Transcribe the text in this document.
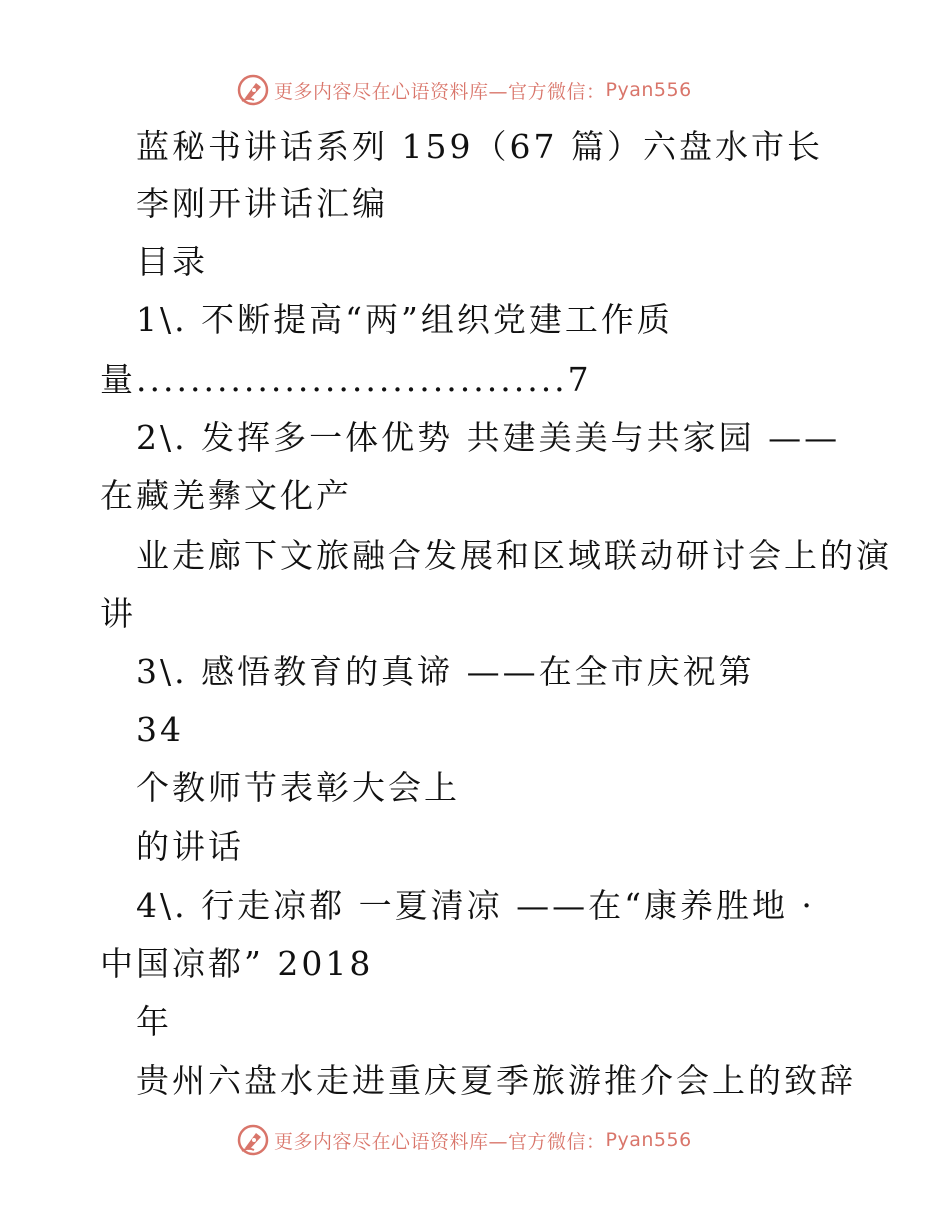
更多内容尽在心语资料库—官方微信： Pyan556
蓝秘书讲话系列 159（67 篇）六盘水市长
李刚开讲话汇编
目录
1\. 不断提高“两”组织党建工作质
量................................7
2\. 发挥多一体优势 共建美美与共家园 ——
在藏羌彝文化产
业走廊下文旅融合发展和区域联动研讨会上的演
讲
3\. 感悟教育的真谛 ——在全市庆祝第
34
个教师节表彰大会上
的讲话
4\. 行走凉都 一夏清凉 ——在“康养胜地 ·
中国凉都” 2018
年
贵州六盘水走进重庆夏季旅游推介会上的致辞
更多内容尽在心语资料库—官方微信： Pyan556
